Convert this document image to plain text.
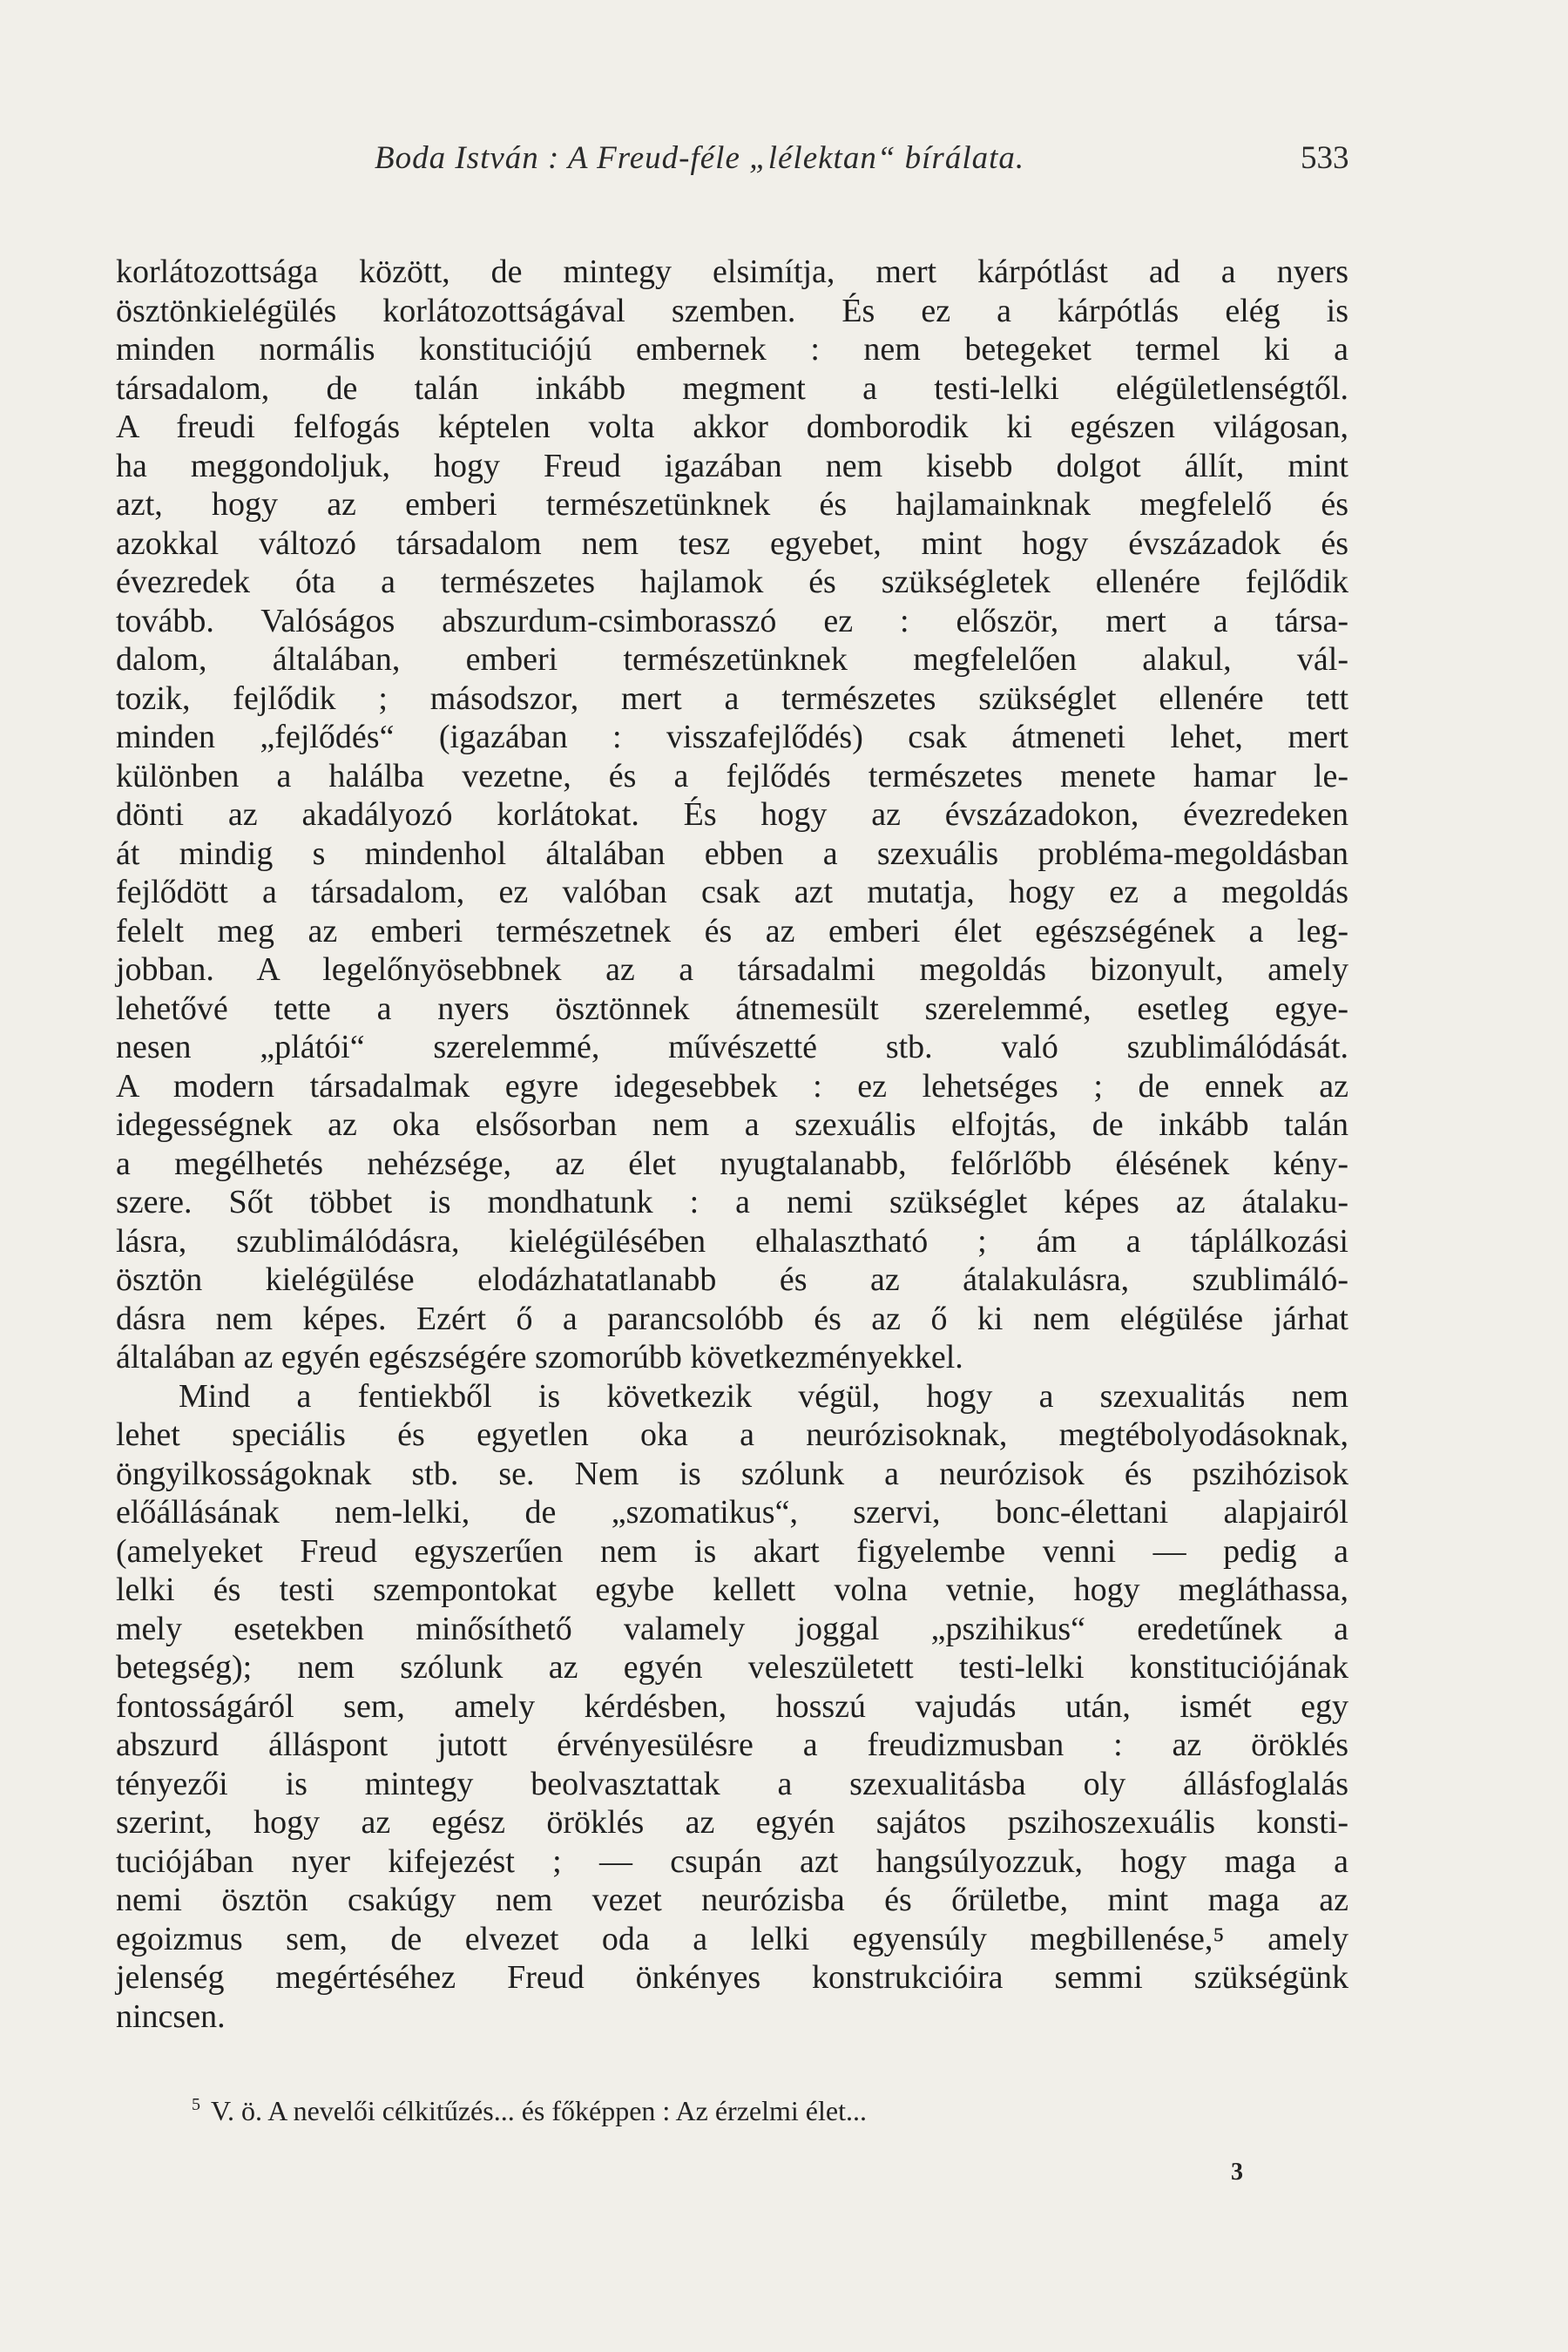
Boda István : A Freud-féle „lélektan“ bírálata.	533
korlátozottsága között, de mintegy elsimítja, mert kárpótlást ad a nyers
ösztönkielégülés korlátozottságával szemben. És ez a kárpótlás elég is
minden normális konstituciójú embernek : nem betegeket termel ki a
társadalom, de talán inkább megment a testi-lelki elégületlenségtől.
A freudi felfogás képtelen volta akkor domborodik ki egészen világosan,
ha meggondoljuk, hogy Freud igazában nem kisebb dolgot állít, mint
azt, hogy az emberi természetünknek és hajlamainknak megfelelő és
azokkal változó társadalom nem tesz egyebet, mint hogy évszázadok és
évezredek óta a természetes hajlamok és szükségletek ellenére fejlődik
tovább. Valóságos abszurdum-csimborasszó ez : először, mert a társa-
dalom, általában, emberi természetünknek megfelelően alakul, vál-
tozik, fejlődik ; másodszor, mert a természetes szükséglet ellenére tett
minden „fejlődés“ (igazában : visszafejlődés) csak átmeneti lehet, mert
különben a halálba vezetne, és a fejlődés természetes menete hamar le-
dönti az akadályozó korlátokat. És hogy az évszázadokon, évezredeken
át mindig s mindenhol általában ebben a szexuális probléma-megoldásban
fejlődött a társadalom, ez valóban csak azt mutatja, hogy ez a megoldás
felelt meg az emberi természetnek és az emberi élet egészségének a leg-
jobban. A legelőnyösebbnek az a társadalmi megoldás bizonyult, amely
lehetővé tette a nyers ösztönnek átnemesült szerelemmé, esetleg egye-
nesen „plátói“ szerelemmé, művészetté stb. való szublimálódását.
A modern társadalmak egyre idegesebbek : ez lehetséges ; de ennek az
idegességnek az oka elsősorban nem a szexuális elfojtás, de inkább talán
a megélhetés nehézsége, az élet nyugtalanabb, felőrlőbb élésének kény-
szere. Sőt többet is mondhatunk : a nemi szükséglet képes az átalaku-
lásra, szublimálódásra, kielégülésében elhalasztható ; ám a táplálkozási
ösztön kielégülése elodázhatatlanabb és az átalakulásra, szublimáló-
dásra nem képes. Ezért ő a parancsolóbb és az ő ki nem elégülése járhat
általában az egyén egészségére szomorúbb következményekkel.
Mind a fentiekből is következik végül, hogy a szexualitás nem
lehet speciális és egyetlen oka a neurózisoknak, megtébolyodásoknak,
öngyilkosságoknak stb. se. Nem is szólunk a neurózisok és pszihózisok
előállásának nem-lelki, de „szomatikus“, szervi, bonc-élettani alapjairól
(amelyeket Freud egyszerűen nem is akart figyelembe venni — pedig a
lelki és testi szempontokat egybe kellett volna vetnie, hogy megláthassa,
mely esetekben minősíthető valamely joggal „pszihikus“ eredetűnek a
betegség); nem szólunk az egyén veleszületett testi-lelki konstituciójának
fontosságáról sem, amely kérdésben, hosszú vajudás után, ismét egy
abszurd álláspont jutott érvényesülésre a freudizmusban : az öröklés
tényezői is mintegy beolvasztattak a szexualitásba oly állásfoglalás
szerint, hogy az egész öröklés az egyén sajátos pszihoszexuális konsti-
tuciójában nyer kifejezést ; — csupán azt hangsúlyozzuk, hogy maga a
nemi ösztön csakúgy nem vezet neurózisba és őrületbe, mint maga az
egoizmus sem, de elvezet oda a lelki egyensúly megbillenése,⁵ amely
jelenség megértéséhez Freud önkényes konstrukcióira semmi szükségünk
nincsen.
$^5$ V. ö. A nevelői célkitűzés... és főképpen : Az érzelmi élet...
3
